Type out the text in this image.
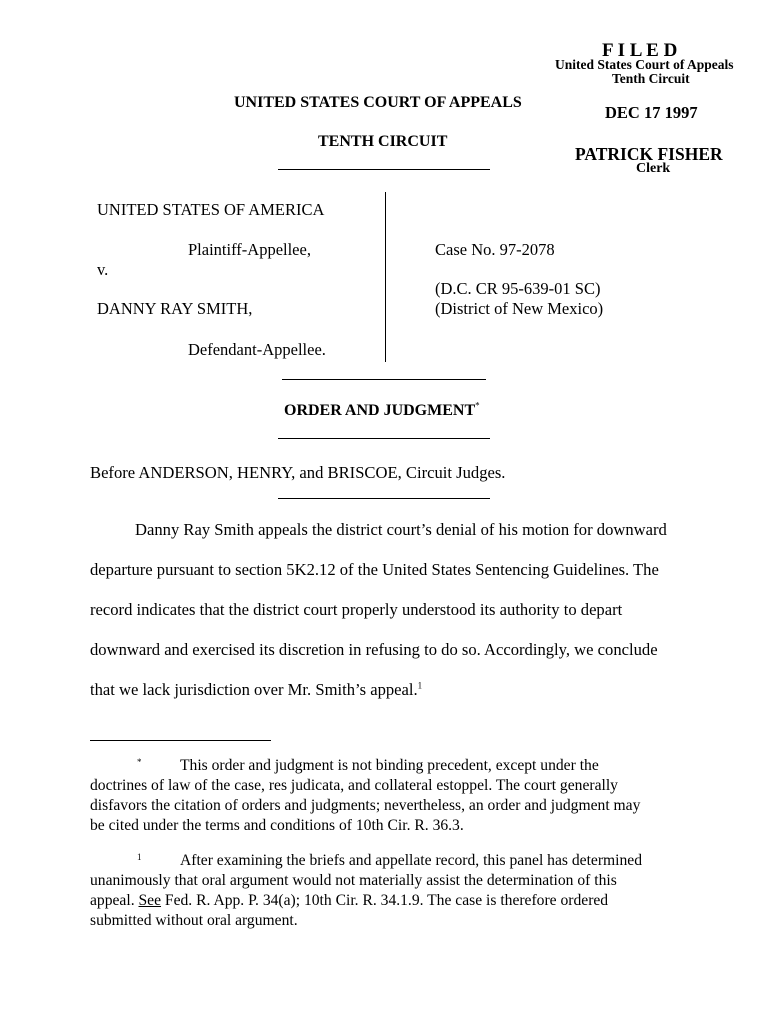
F I L E D
United States Court of Appeals
Tenth Circuit
DEC 17 1997
PATRICK FISHER
Clerk
UNITED STATES COURT OF APPEALS
TENTH CIRCUIT
UNITED STATES OF AMERICA
Plaintiff-Appellee,
v.
DANNY RAY SMITH,
Defendant-Appellee.
Case No. 97-2078
(D.C. CR 95-639-01 SC)
(District of New Mexico)
ORDER AND JUDGMENT*
Before ANDERSON, HENRY, and BRISCOE, Circuit Judges.
Danny Ray Smith appeals the district court’s denial of his motion for downward
departure pursuant to section 5K2.12 of the United States Sentencing Guidelines. The
record indicates that the district court properly understood its authority to depart
downward and exercised its discretion in refusing to do so. Accordingly, we conclude
that we lack jurisdiction over Mr. Smith’s appeal.$^1$
* This order and judgment is not binding precedent, except under the
doctrines of law of the case, res judicata, and collateral estoppel. The court generally
disfavors the citation of orders and judgments; nevertheless, an order and judgment may
be cited under the terms and conditions of 10th Cir. R. 36.3.
1 After examining the briefs and appellate record, this panel has determined
unanimously that oral argument would not materially assist the determination of this
appeal. See Fed. R. App. P. 34(a); 10th Cir. R. 34.1.9. The case is therefore ordered
submitted without oral argument.
